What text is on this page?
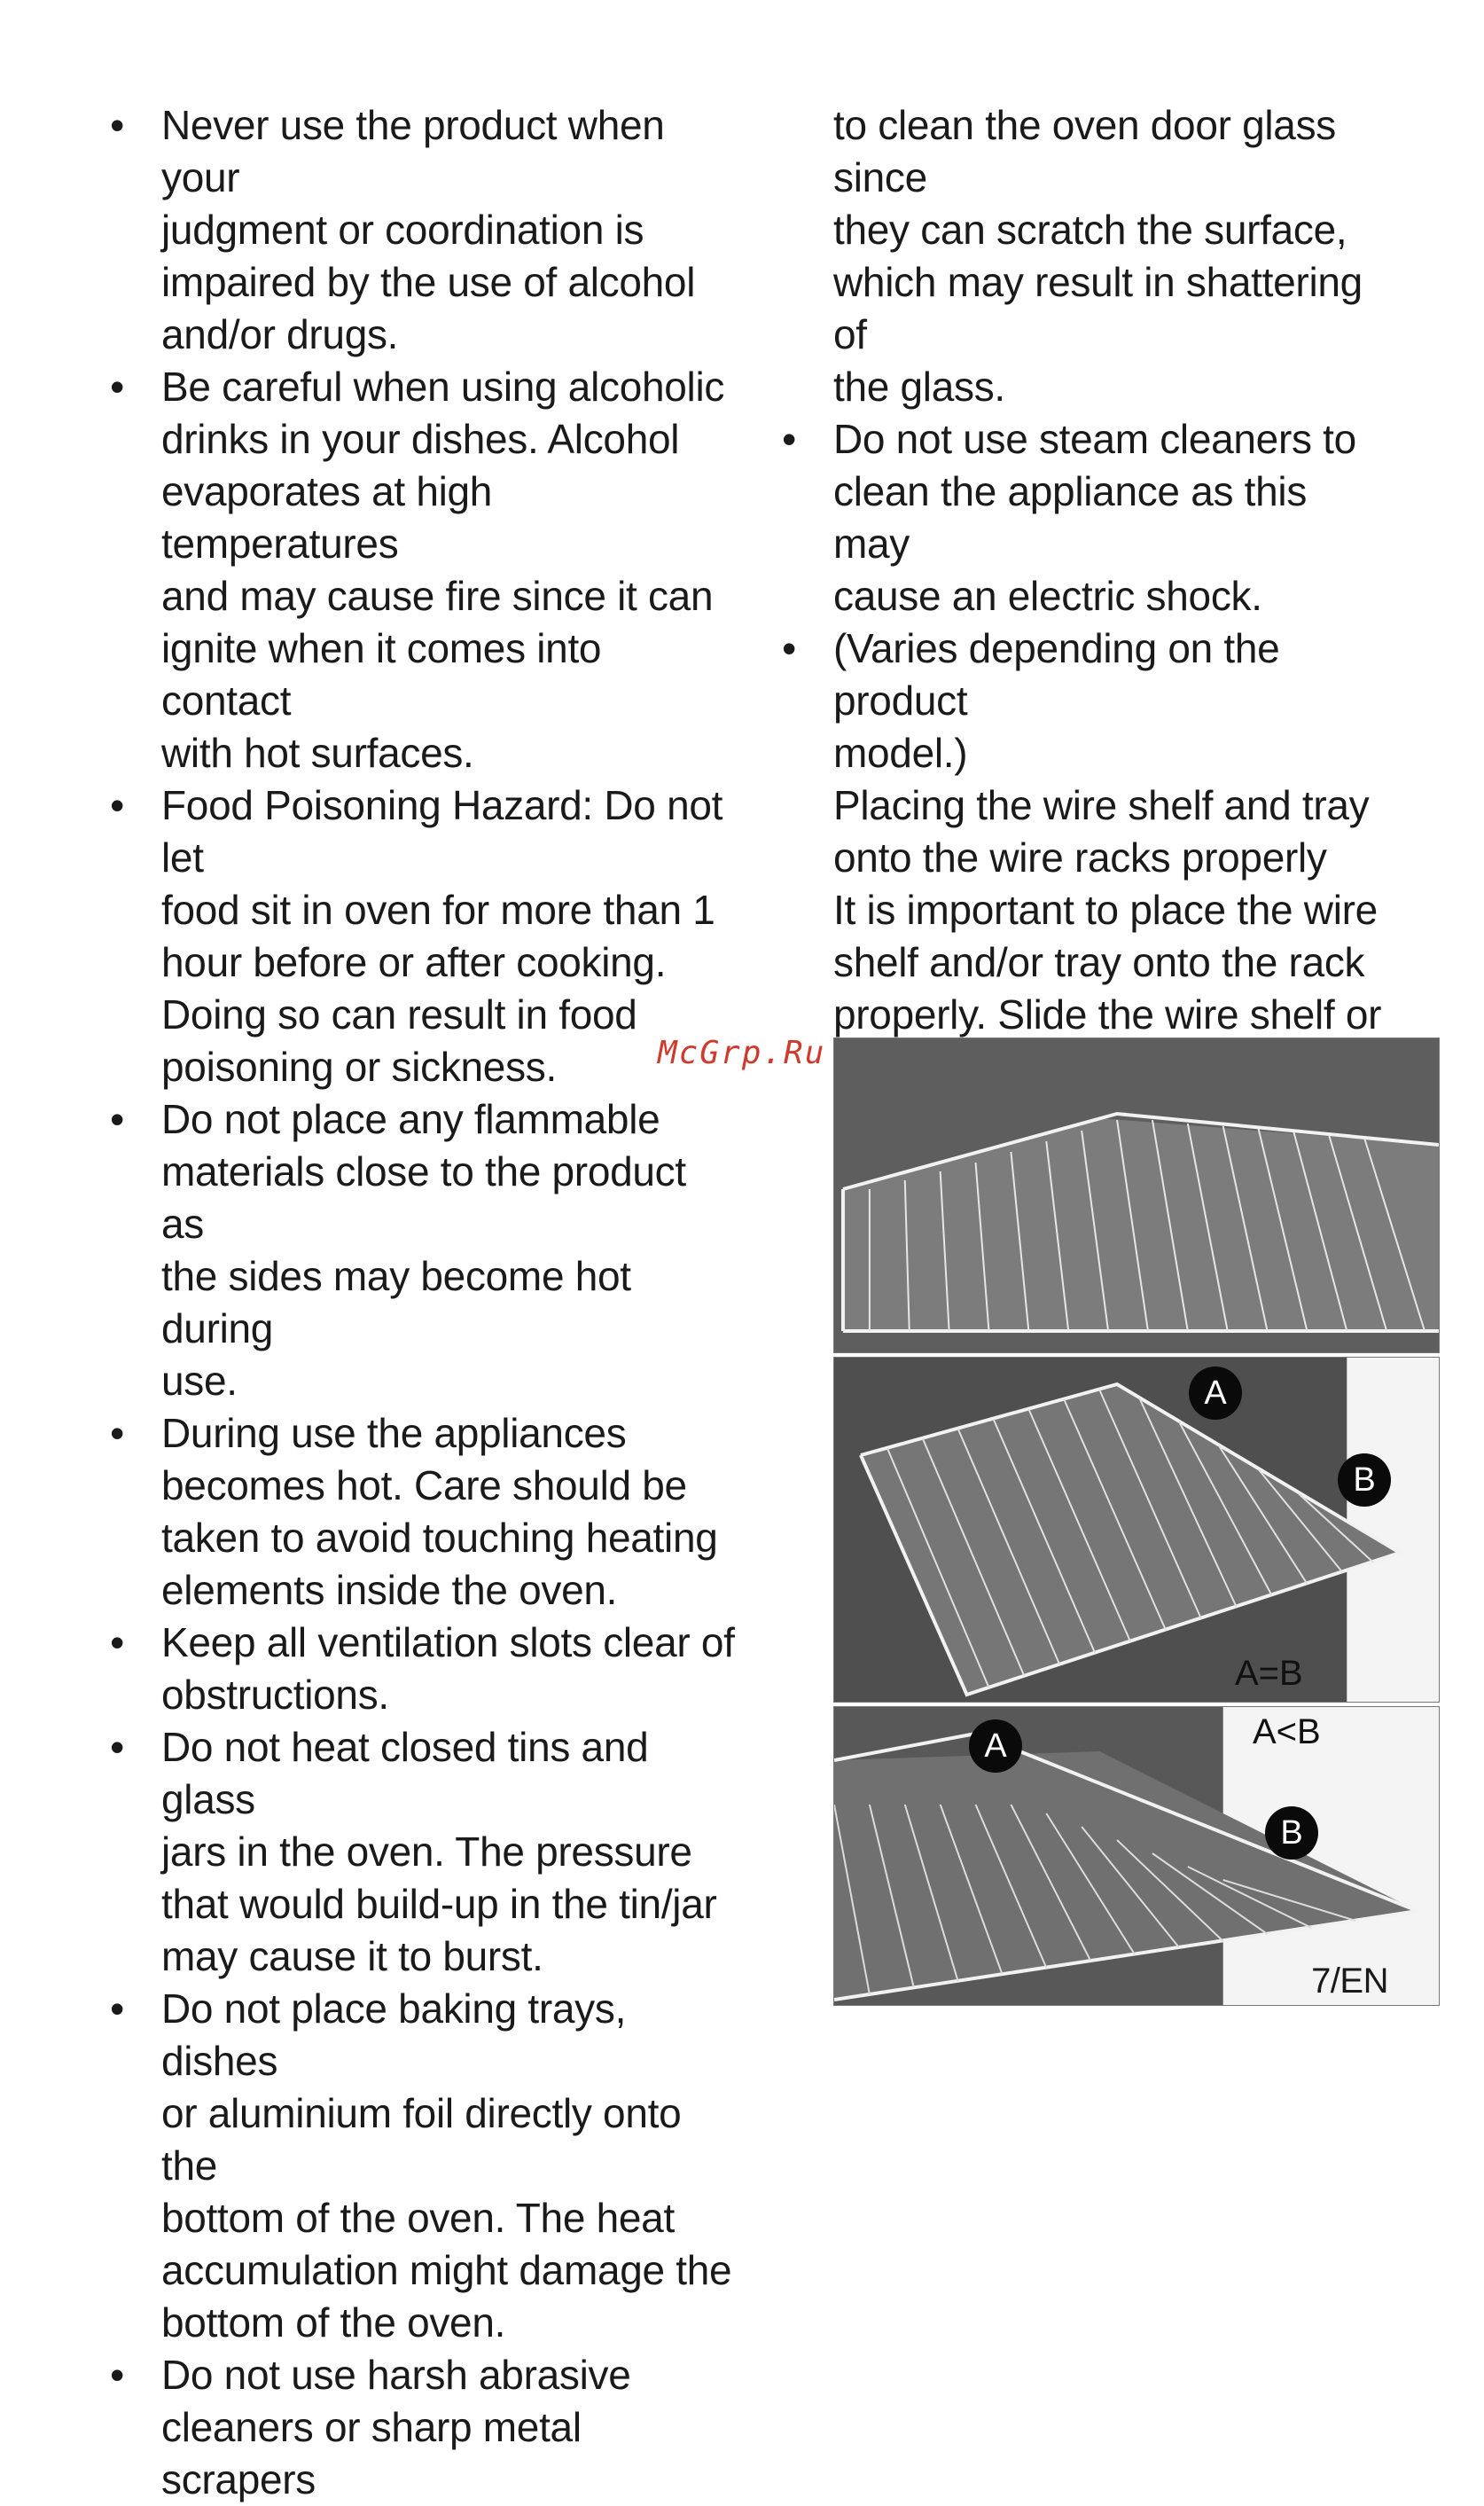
• Never use the product when your

judgment or coordination is

impaired by the use of alcohol

and/or drugs.

• Be careful when using alcoholic

drinks in your dishes. Alcohol

evaporates at high temperatures

and may cause fire since it can

ignite when it comes into contact

with hot surfaces.

• Food Poisoning Hazard: Do not let

food sit in oven for more than 1

hour before or after cooking.

Doing so can result in food

poisoning or sickness.

• Do not place any flammable

materials close to the product as

the sides may become hot during

use.

• During use the appliances

becomes hot. Care should be

taken to avoid touching heating

elements inside the oven.

• Keep all ventilation slots clear of

obstructions.

• Do not heat closed tins and glass

jars in the oven. The pressure

that would build-up in the tin/jar

may cause it to burst.

• Do not place baking trays, dishes

or aluminium foil directly onto the

bottom of the oven. The heat

accumulation might damage the

bottom of the oven.

• Do not use harsh abrasive

cleaners or sharp metal scrapers

to clean the oven door glass since

they can scratch the surface,

which may result in shattering of

the glass.

• Do not use steam cleaners to

clean the appliance as this may

cause an electric shock.

• (Varies depending on the product

model.)

Placing the wire shelf and tray

onto the wire racks properly

It is important to place the wire

shelf and/or tray onto the rack

properly. Slide the wire shelf or

McGrp.Ru
A
B
A=B
A<B
A
B
7/EN
